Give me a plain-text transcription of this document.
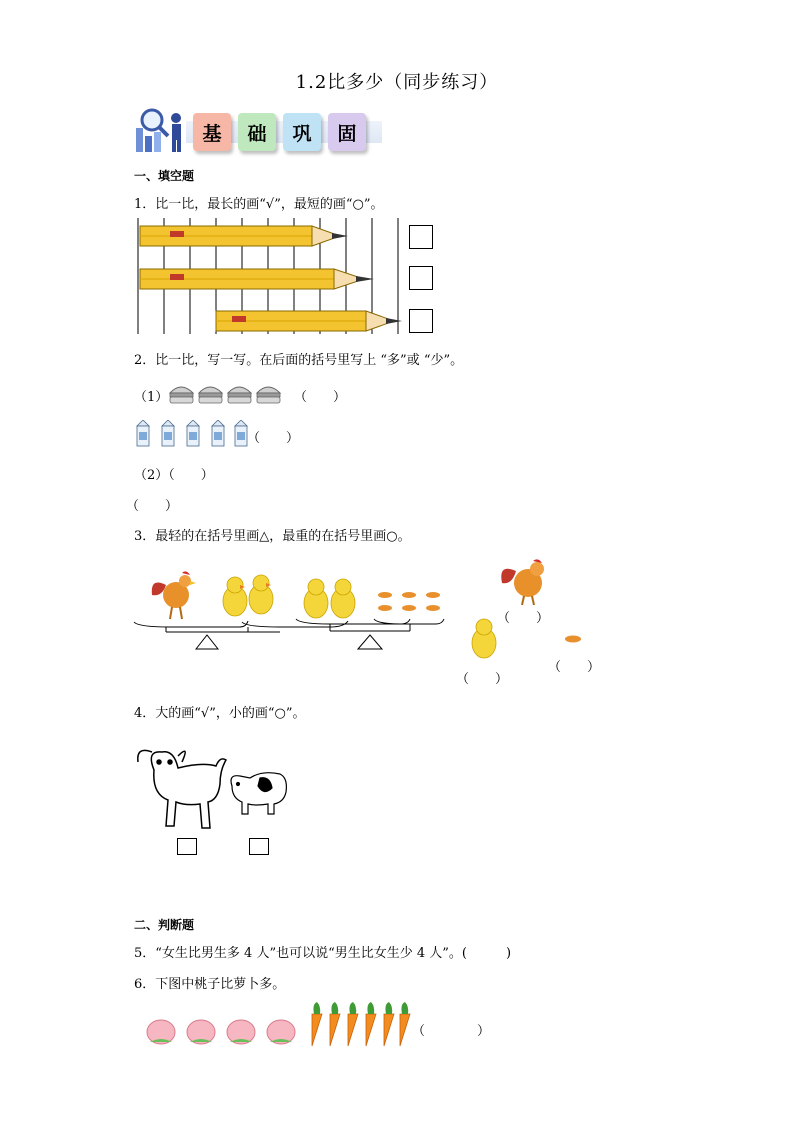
1.2比多少（同步练习）
基	础	巩	固
一、填空题
1．比一比，最长的画“√”，最短的画“○”。
2．比一比，写一写。在后面的括号里写上 “多”或 “少”。
（1）	（　　）
（　　）
（2）（　　）
（　　）
3．最轻的在括号里画△，最重的在括号里画○。
（　　）
（　　）
（　　）
4．大的画“√”，小的画“○”。
二、判断题
5．“女生比男生多 4 人”也可以说“男生比女生少 4 人”。(　　　)
6．下图中桃子比萝卜多。
（　　　　）
